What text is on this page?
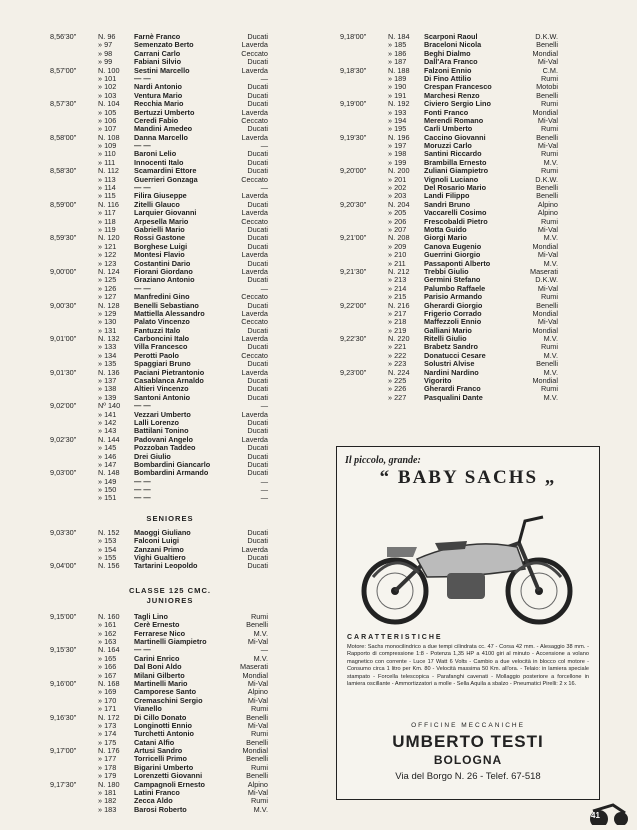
8,56'30"	N. 96	Farnè Franco	Ducati
» 97	Semenzato Berto	Laverda
» 98	Carrani Carlo	Ceccato
» 99	Fabiani Silvio	Ducati
8,57'00"	N. 100 Sestini Marcello	Laverda
» 101 — —	—
» 102 Nardi Antonio	Ducati
» 103 Ventura Mario	Ducati
8,57'30"	N. 104 Recchia Mario	Ducati
» 105 Bertuzzi Umberto	Laverda
» 106 Ceredi Fabio	Ceccato
» 107 Mandini Amedeo	Ducati
8,58'00"	N. 108 Danna Marcello	Laverda
» 109 — —	—
» 110	Baroni Lelio	Ducati
» 111	Innocenti Italo	Ducati
8,58'30"	N. 112 Scamardini Ettore	Ducati
» 113	Guerrieri Gonzaga	Ceccato
» 114	— —	—
» 115	Filira Giuseppe	Laverda
8,59'00"	N. 116 Zitelli Glauco	Ducati
» 117	Larquier Giovanni	Laverda
» 118	Arpesella Mario	Ceccato
» 119	Gabrielli Mario	Ducati
8,59'30"	N. 120 Rossi Gastone	Ducati
» 121 Borghese Luigi	Ducati
» 122 Montesi Flavio	Laverda
» 123 Costantini Dario	Ducati
9,00'00"	N. 124 Fiorani Giordano	Laverda
» 125 Graziano Antonio	Ducati
» 126 — —	—
» 127 Manfredini Gino	Ceccato
9,00'30"	N. 128 Benelli Sebastiano	Ducati
» 129 Mattiella Alessandro	Laverda
» 130 Palato Vincenzo	Ceccato
» 131 Fantuzzi Italo	Ducati
9,01'00"	N. 132 Carboncini Italo	Laverda
» 133 Villa Francesco	Ducati
» 134 Perotti Paolo	Ceccato
» 135 Spaggiari Bruno	Ducati
9,01'30"	N. 136 Paciani Pietrantonio	Laverda
» 137 Casablanca Arnaldo	Ducati
» 138 Altieri Vincenzo	Ducati
» 139 Santoni Antonio	Ducati
9,02'00"	Nº 140 — —	—
» 141 Vezzari Umberto	Laverda
» 142 Lalli Lorenzo	Ducati
» 143 Battilani Tonino	Ducati
9,02'30"	N. 144 Padovani Angelo	Laverda
» 145 Pozzoban Taddeo	Ducati
» 146 Drei Giulio	Ducati
» 147 Bombardini Giancarlo	Ducati
9,03'00"	N. 148 Bombardini Armando	Ducati
» 149 — —	—
» 150 — —	—
» 151 — —	—
SENIORES
9,03'30"	N. 152 Maoggi Giuliano	Ducati
» 153 Falconi Luigi	Ducati
» 154 Zanzani Primo	Laverda
» 155 Vighi Gualtiero	Ducati
9,04'00"	N. 156 Tartarini Leopoldo	Ducati
CLASSE 125 CMC.
JUNIORES
9,15'00"	N. 160 Tagli Lino	Rumi
» 161 Cerè Ernesto	Benelli
» 162 Ferrarese Nico	M.V.
» 163 Martinelli Giampietro	Mi-Val
9,15'30"	N. 164 — —	—
» 165 Carini Enrico	M.V.
» 166 Dal Boni Aldo	Maserati
» 167 Milani Gilberto	Mondial
9,16'00"	N. 168 Martinelli Mario	Mi-Val
» 169 Camporese Santo	Alpino
» 170 Cremaschini Sergio	Mi-Val
» 171 Vianello	Rumi
9,16'30"	N. 172 Di Cillo Donato	Benelli
» 173 Longinotti Ennio	Mi-Val
» 174 Turchetti Antonio	Rumi
» 175 Catani Alfio	Benelli
9,17'00"	N. 176 Artusi Sandro	Mondial
» 177 Torricelli Primo	Benelli
» 178 Bigarini Umberto	Rumi
» 179 Lorenzetti Giovanni	Benelli
9,17'30"	N. 180 Campagnoli Ernesto	Alpino
» 181 Latini Franco	Mi-Val
» 182 Zecca Aldo	Rumi
» 183 Barosi Roberto	M.V.
9,18'00"	N. 184 Scarponi Raoul	D.K.W.
» 185 Braceloni Nicola	Benelli
» 186 Beghi Dialmo	Mondial
» 187 Dall'Ara Franco	Mi-Val
9,18'30"	N. 188 Falzoni Ennio	C.M.
» 189 Di Fino Attilio	Rumi
» 190 Crespan Francesco	Motobi
» 191 Marchesi Renzo	Benelli
9,19'00"	N. 192 Civiero Sergio Lino	Rumi
» 193 Fonti Franco	Mondial
» 194 Merendi Romano	Mi-Val
» 195 Carli Umberto	Rumi
9,19'30"	N. 196 Caccino Giovanni	Benelli
» 197 Moruzzi Carlo	Mi-Val
» 198 Santini Riccardo	Rumi
» 199 Brambilla Ernesto	M.V.
9,20'00"	N. 200 Zuliani Giampietro	Rumi
» 201 Vignoli Luciano	D.K.W.
» 202 Del Rosario Mario	Benelli
» 203 Landi Filippo	Benelli
9,20'30"	N. 204 Sandri Bruno	Alpino
» 205 Vaccarelli Cosimo	Alpino
» 206 Frescobaldi Pietro	Rumi
» 207 Motta Guido	Mi-Val
9,21'00"	N. 208 Giorgi Mario	M.V.
» 209 Canova Eugenio	Mondial
» 210 Guerrini Giorgio	Mi-Val
» 211	Passaponti Alberto	M.V.
9,21'30"	N. 212 Trebbi Giulio	Maserati
» 213 Germini Stefano	D.K.W.
» 214 Palumbo Raffaele	Mi-Val
» 215 Parisio Armando	Rumi
9,22'00"	N. 216 Gherardi Giorgio	Benelli
» 217 Frigerio Corrado	Mondial
» 218 Maffezzoli Ennio	Mi-Val
» 219 Galliani Mario	Mondial
9,22'30"	N. 220 Ritelli Giulio	M.V.
» 221 Brabetz Sandro	Rumi
» 222 Donatucci Cesare	M.V.
» 223 Solustri Alvise	Benelli
9,23'00"	N. 224 Nardini Nardino	M.V.
» 225 Vigorito	Mondial
» 226 Gherardi Franco	Rumi
» 227 Pasqualini Dante	M.V.
Il piccolo, grande:
“ BABY SACHS „
CARATTERISTICHE
Motore: Sachs monocilindrico a due tempi cilindrata cc. 47 - Corsa 42 mm. - Alesaggio 38 mm. - Rapporto di compressione 1:8 - Potenza 1,35 HP a 4100 giri al minuto - Accensione a volano magnetico con corrente - Luce 17 Watt 6 Volts - Cambio a due velocità in blocco col motore - Consumo circa 1 litro per Km. 80 - Velocità massima 50 Km. all'ora. - Telaio: in lamiera speciale stampato - Forcella telescopica - Parafanghi cavenati - Mollaggio posteriore a forcellone in lamiera oscillante - Ammortizzatori a molle - Sella Aquila a sbalzo - Pneumatici Pirelli: 2 x 16.
OFFICINE MECCANICHE
UMBERTO TESTI
BOLOGNA
Via del Borgo N. 26 - Telef. 67-518
41
